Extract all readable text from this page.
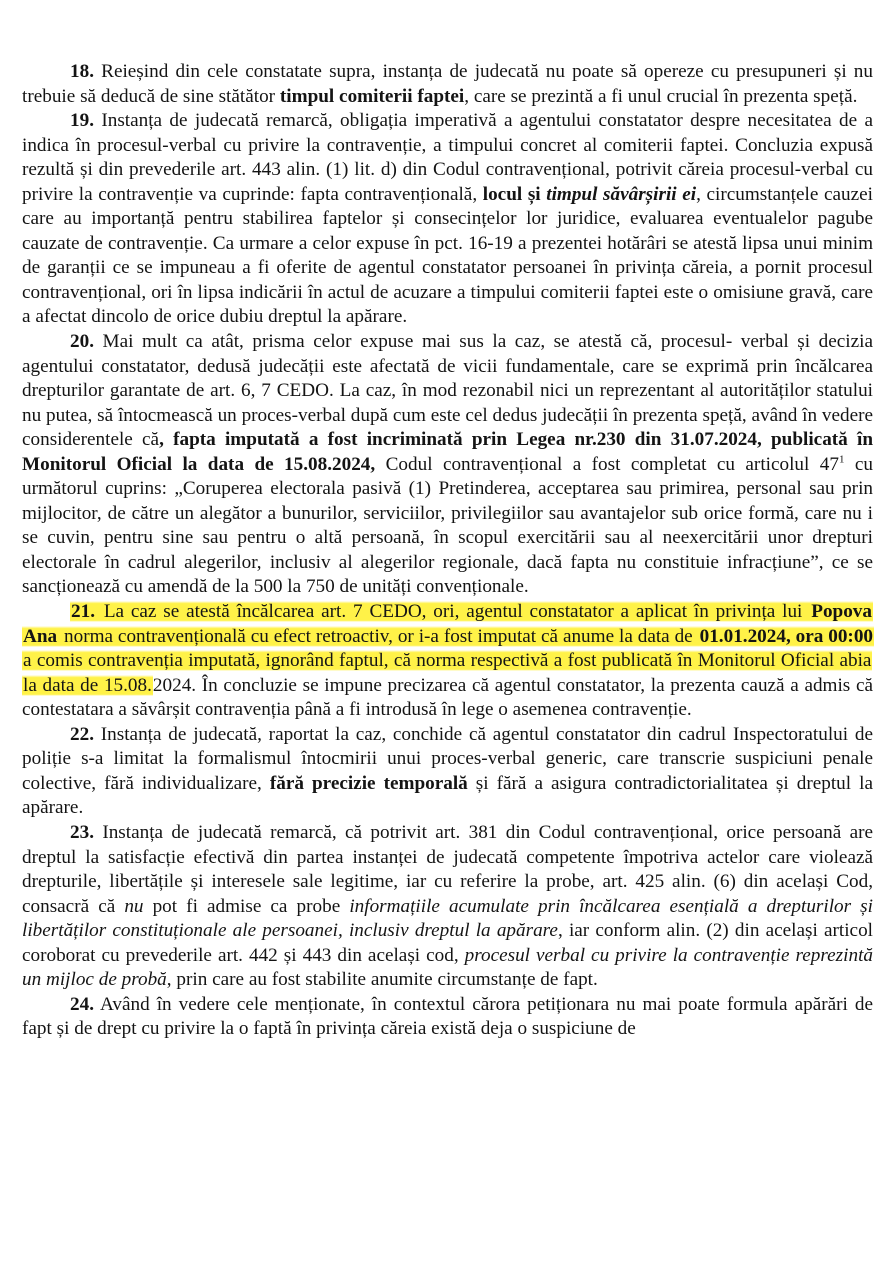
18. Reieșind din cele constatate supra, instanța de judecată nu poate să opereze cu presupuneri și nu trebuie să deducă de sine stătător timpul comiterii faptei, care se prezintă a fi unul crucial în prezenta speță.

19. Instanța de judecată remarcă, obligația imperativă a agentului constatator despre necesitatea de a indica în procesul-verbal cu privire la contravenție, a timpului concret al comiterii faptei. Concluzia expusă rezultă și din prevederile art. 443 alin. (1) lit. d) din Codul contravențional, potrivit căreia procesul-verbal cu privire la contravenție va cuprinde: fapta contravențională, locul și timpul săvârșirii ei, circumstanțele cauzei care au importanță pentru stabilirea faptelor și consecințelor lor juridice, evaluarea eventualelor pagube cauzate de contravenție. Ca urmare a celor expuse în pct. 16-19 a prezentei hotărâri se atestă lipsa unui minim de garanții ce se impuneau a fi oferite de agentul constatator persoanei în privința căreia, a pornit procesul contravențional, ori în lipsa indicării în actul de acuzare a timpului comiterii faptei este o omisiune gravă, care a afectat dincolo de orice dubiu dreptul la apărare.

20. Mai mult ca atât, prisma celor expuse mai sus la caz, se atestă că, procesul- verbal și decizia agentului constatator, dedusă judecății este afectată de vicii fundamentale, care se exprimă prin încălcarea drepturilor garantate de art. 6, 7 CEDO. La caz, în mod rezonabil nici un reprezentant al autorităților statului nu putea, să întocmească un proces-verbal după cum este cel dedus judecății în prezenta speță, având în vedere considerentele că, fapta imputată a fost incriminată prin Legea nr.230 din 31.07.2024, publicată în Monitorul Oficial la data de 15.08.2024, Codul contravențional a fost completat cu articolul $47^1$ cu următorul cuprins: „Coruperea electorala pasivă (1) Pretinderea, acceptarea sau primirea, personal sau prin mijlocitor, de către un alegător a bunurilor, serviciilor, privilegiilor sau avantajelor sub orice formă, care nu i se cuvin, pentru sine sau pentru o altă persoană, în scopul exercitării sau al neexercitării unor drepturi electorale în cadrul alegerilor, inclusiv al alegerilor regionale, dacă fapta nu constituie infracțiune”, ce se sancționează cu amendă de la 500 la 750 de unități convenționale.

21. La caz se atestă încălcarea art. 7 CEDO, ori, agentul constatator a aplicat în privința lui Popova Ana norma contravențională cu efect retroactiv, or i-a fost imputat că anume la data de 01.01.2024, ora 00:00 a comis contravenția imputată, ignorând faptul, că norma respectivă a fost publicată în Monitorul Oficial abia la data de 15.08.2024. În concluzie se impune precizarea că agentul constatator, la prezenta cauză a admis că contestatara a săvârșit contravenția până a fi introdusă în lege o asemenea contravenție.

22. Instanța de judecată, raportat la caz, conchide că agentul constatator din cadrul Inspectoratului de poliție s-a limitat la formalismul întocmirii unui proces-verbal generic, care transcrie suspiciuni penale colective, fără individualizare, fără precizie temporală și fără a asigura contradictorialitatea și dreptul la apărare.

23. Instanța de judecată remarcă, că potrivit art. 381 din Codul contravențional, orice persoană are dreptul la satisfacție efectivă din partea instanței de judecată competente împotriva actelor care violează drepturile, libertățile și interesele sale legitime, iar cu referire la probe, art. 425 alin. (6) din același Cod, consacră că nu pot fi admise ca probe informațiile acumulate prin încălcarea esențială a drepturilor și libertăților constituționale ale persoanei, inclusiv dreptul la apărare, iar conform alin. (2) din același articol coroborat cu prevederile art. 442 și 443 din același cod, procesul verbal cu privire la contravenție reprezintă un mijloc de probă, prin care au fost stabilite anumite circumstanțe de fapt.

24. Având în vedere cele menționate, în contextul cărora petiționara nu mai poate formula apărări de fapt și de drept cu privire la o faptă în privința căreia există deja o suspiciune de
